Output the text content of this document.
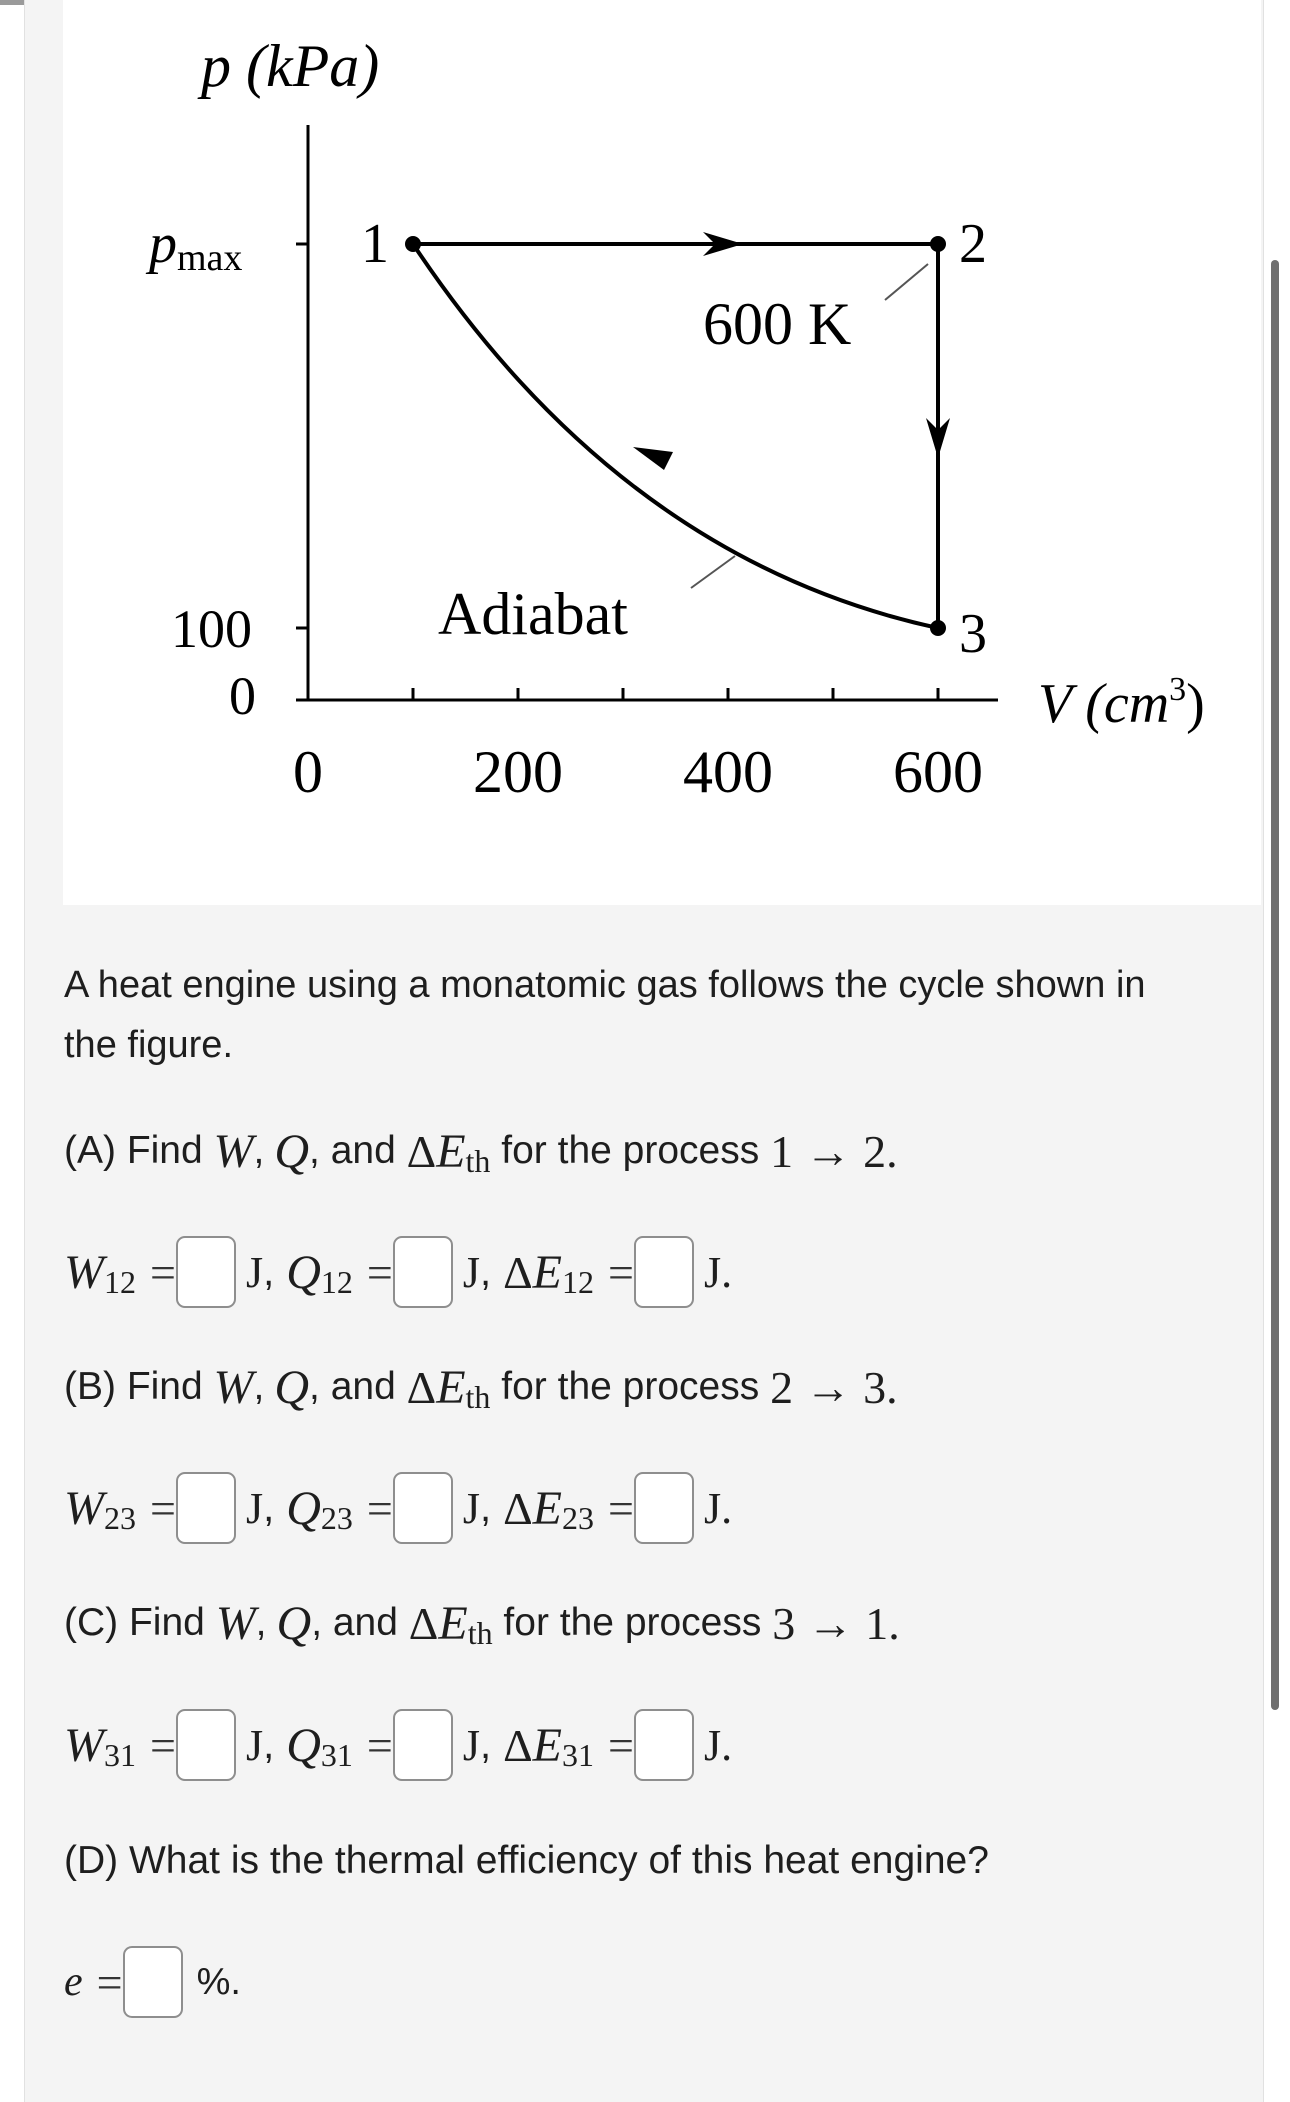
p (kPa)
pmax
100
0
0	200 400 600
V $(cm^3)$
1	2
3
600 K
Adiabat
A heat engine using a monatomic gas follows the cycle shown in the figure.
(A) Find W , Q , and Δ E th for the process 1 → 2 .
W 12 = J , Q 12 = J , Δ E 12 = J .
(B) Find W , Q , and Δ E th for the process 2 → 3 .
W 23 = J , Q 23 = J , Δ E 23 = J .
(C) Find W , Q , and Δ E th for the process 3 → 1 .
W 31 = J , Q 31 = J , Δ E 31 = J .
(D) What is the thermal efficiency of this heat engine?
e = %.
